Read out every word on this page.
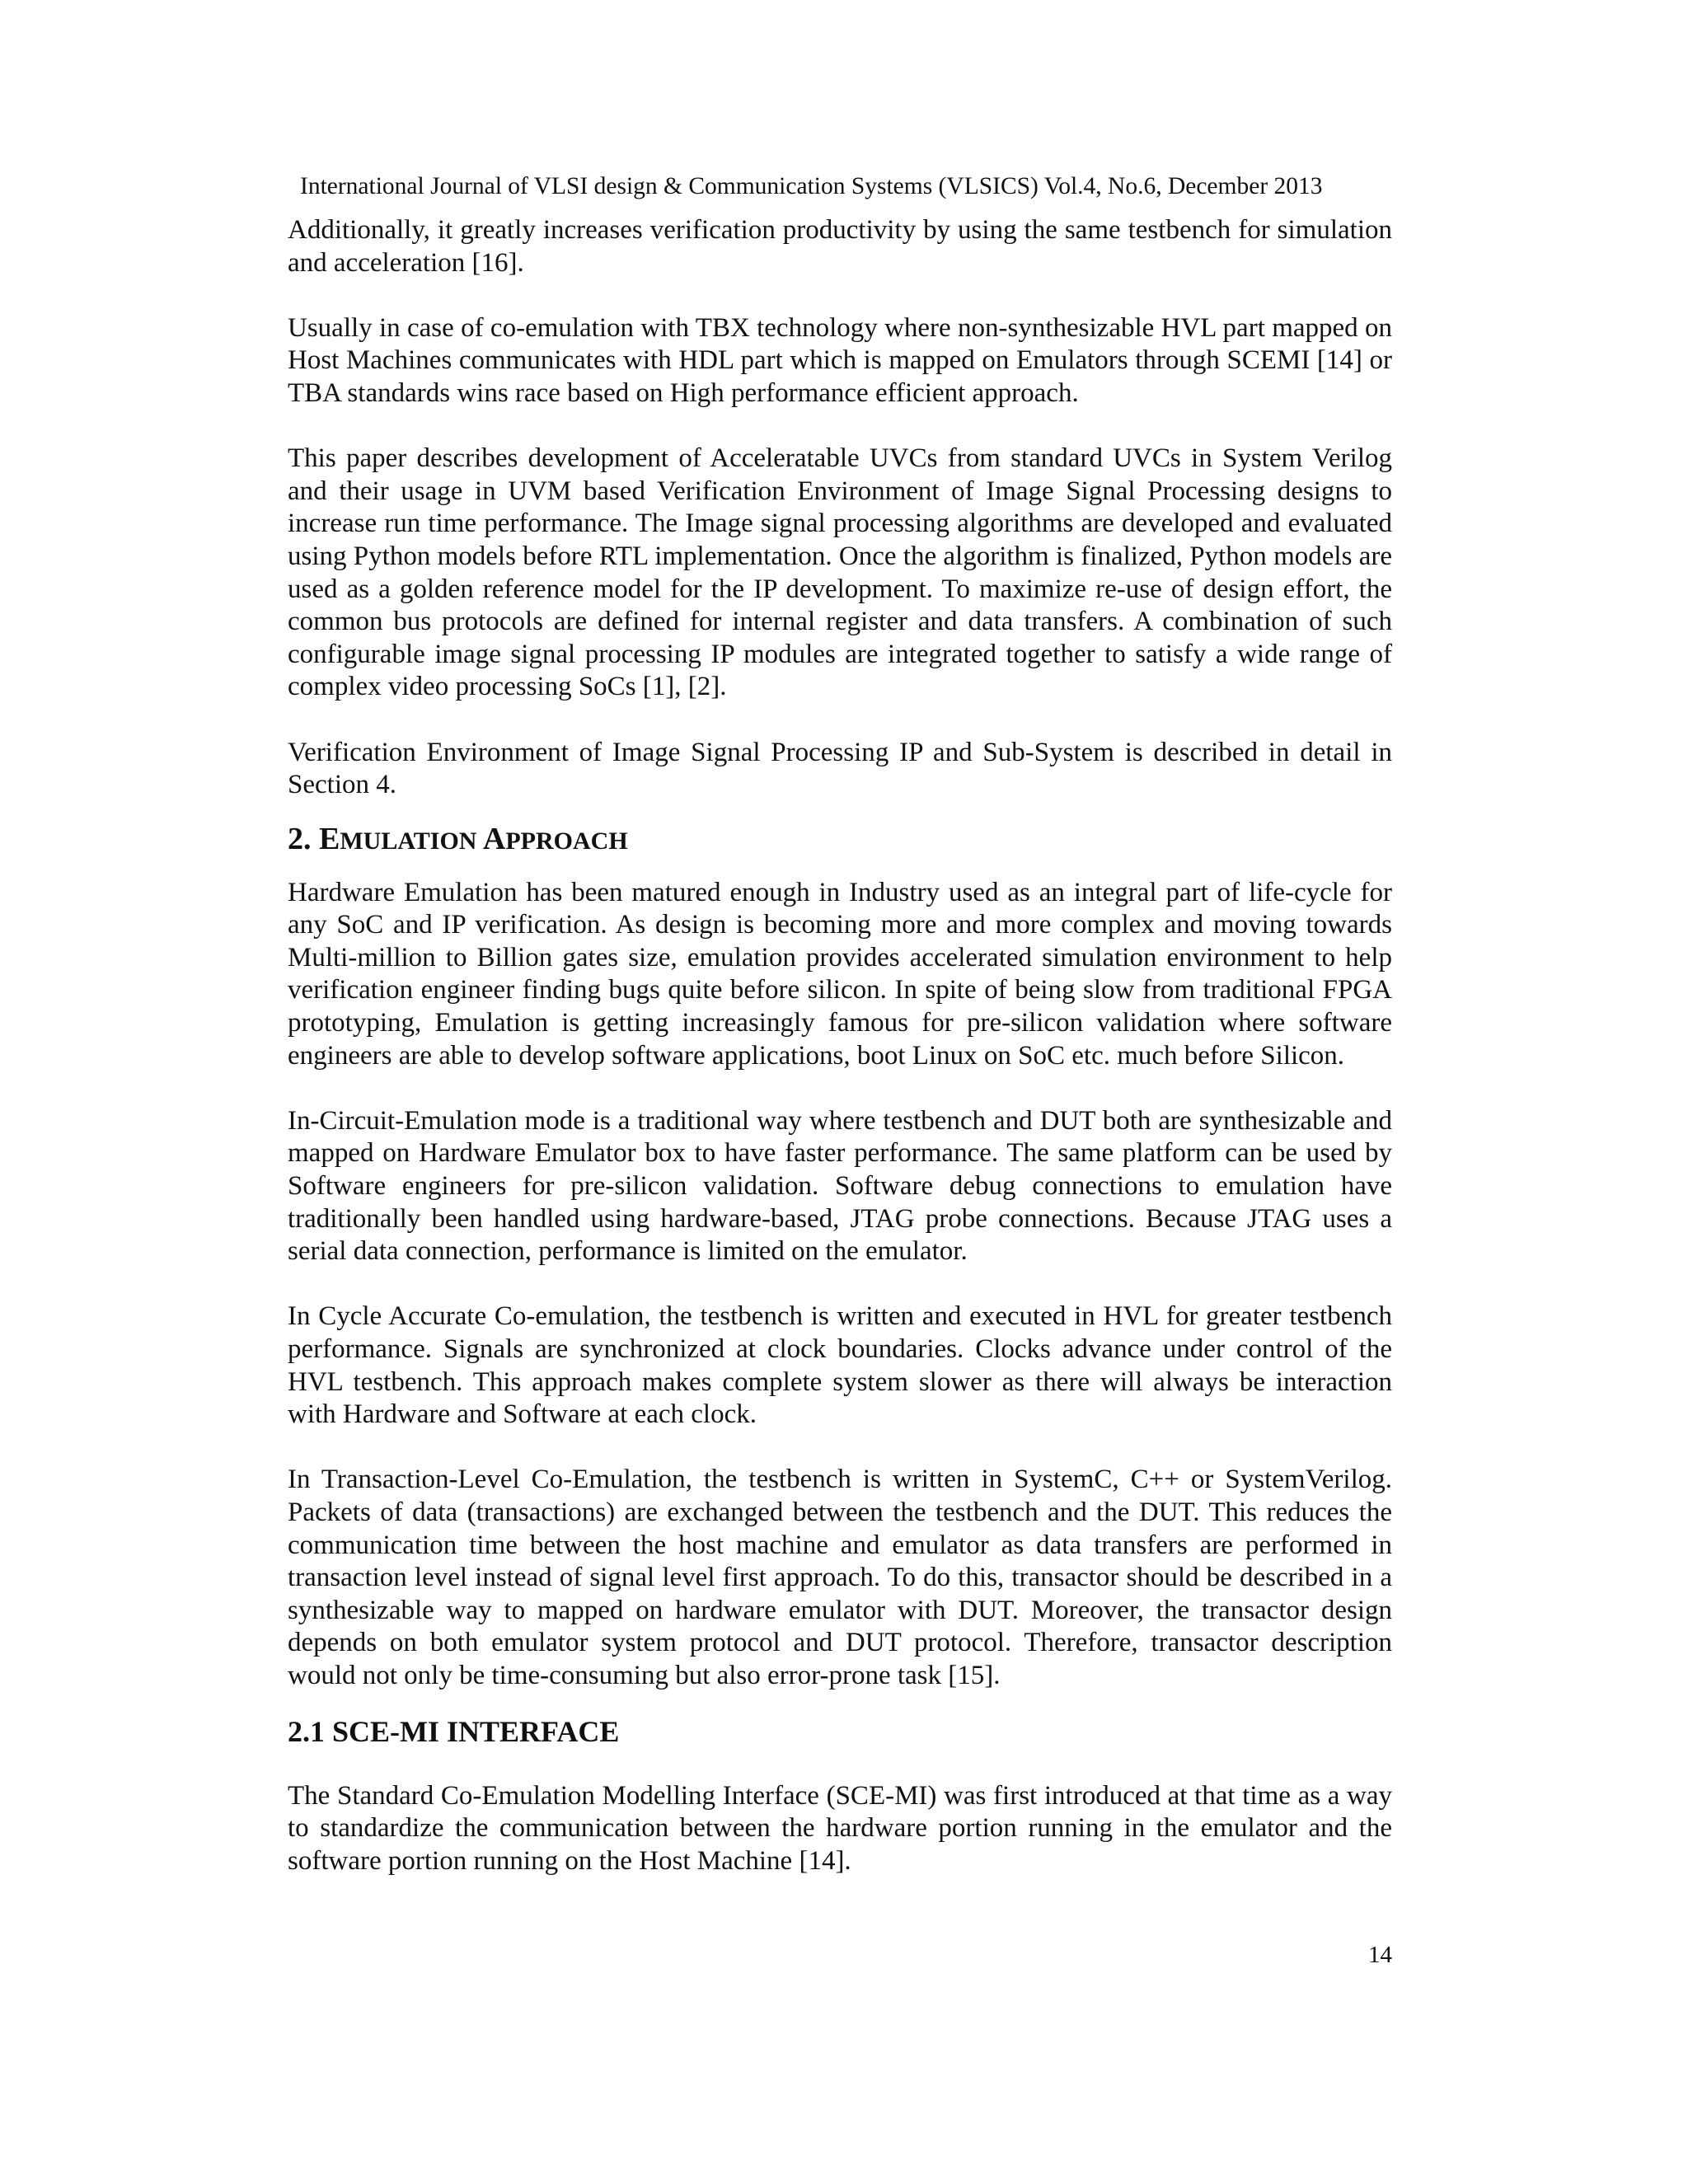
International Journal of VLSI design & Communication Systems (VLSICS) Vol.4, No.6, December 2013

Additionally, it greatly increases verification productivity by using the same testbench for simulation and acceleration [16].

Usually in case of co-emulation with TBX technology where non-synthesizable HVL part mapped on Host Machines communicates with HDL part which is mapped on Emulators through SCEMI [14] or TBA standards wins race based on High performance efficient approach.

This paper describes development of Acceleratable UVCs from standard UVCs in System Verilog and their usage in UVM based Verification Environment of Image Signal Processing designs to increase run time performance. The Image signal processing algorithms are developed and evaluated using Python models before RTL implementation. Once the algorithm is finalized, Python models are used as a golden reference model for the IP development. To maximize re-use of design effort, the common bus protocols are defined for internal register and data transfers. A combination of such configurable image signal processing IP modules are integrated together to satisfy a wide range of complex video processing SoCs [1], [2].

Verification Environment of Image Signal Processing IP and Sub-System is described in detail in Section 4.

2. EMULATION APPROACH

Hardware Emulation has been matured enough in Industry used as an integral part of life-cycle for any SoC and IP verification. As design is becoming more and more complex and moving towards Multi-million to Billion gates size, emulation provides accelerated simulation environment to help verification engineer finding bugs quite before silicon. In spite of being slow from traditional FPGA prototyping, Emulation is getting increasingly famous for pre-silicon validation where software engineers are able to develop software applications, boot Linux on SoC etc. much before Silicon.

In-Circuit-Emulation mode is a traditional way where testbench and DUT both are synthesizable and mapped on Hardware Emulator box to have faster performance. The same platform can be used by Software engineers for pre-silicon validation. Software debug connections to emulation have traditionally been handled using hardware-based, JTAG probe connections. Because JTAG uses a serial data connection, performance is limited on the emulator.

In Cycle Accurate Co-emulation, the testbench is written and executed in HVL for greater testbench performance. Signals are synchronized at clock boundaries. Clocks advance under control of the HVL testbench. This approach makes complete system slower as there will always be interaction with Hardware and Software at each clock.

In Transaction-Level Co-Emulation, the testbench is written in SystemC, C++ or SystemVerilog. Packets of data (transactions) are exchanged between the testbench and the DUT. This reduces the communication time between the host machine and emulator as data transfers are performed in transaction level instead of signal level first approach. To do this, transactor should be described in a synthesizable way to mapped on hardware emulator with DUT. Moreover, the transactor design depends on both emulator system protocol and DUT protocol. Therefore, transactor description would not only be time-consuming but also error-prone task [15].

2.1 SCE-MI INTERFACE

The Standard Co-Emulation Modelling Interface (SCE-MI) was first introduced at that time as a way to standardize the communication between the hardware portion running in the emulator and the software portion running on the Host Machine [14].

14
